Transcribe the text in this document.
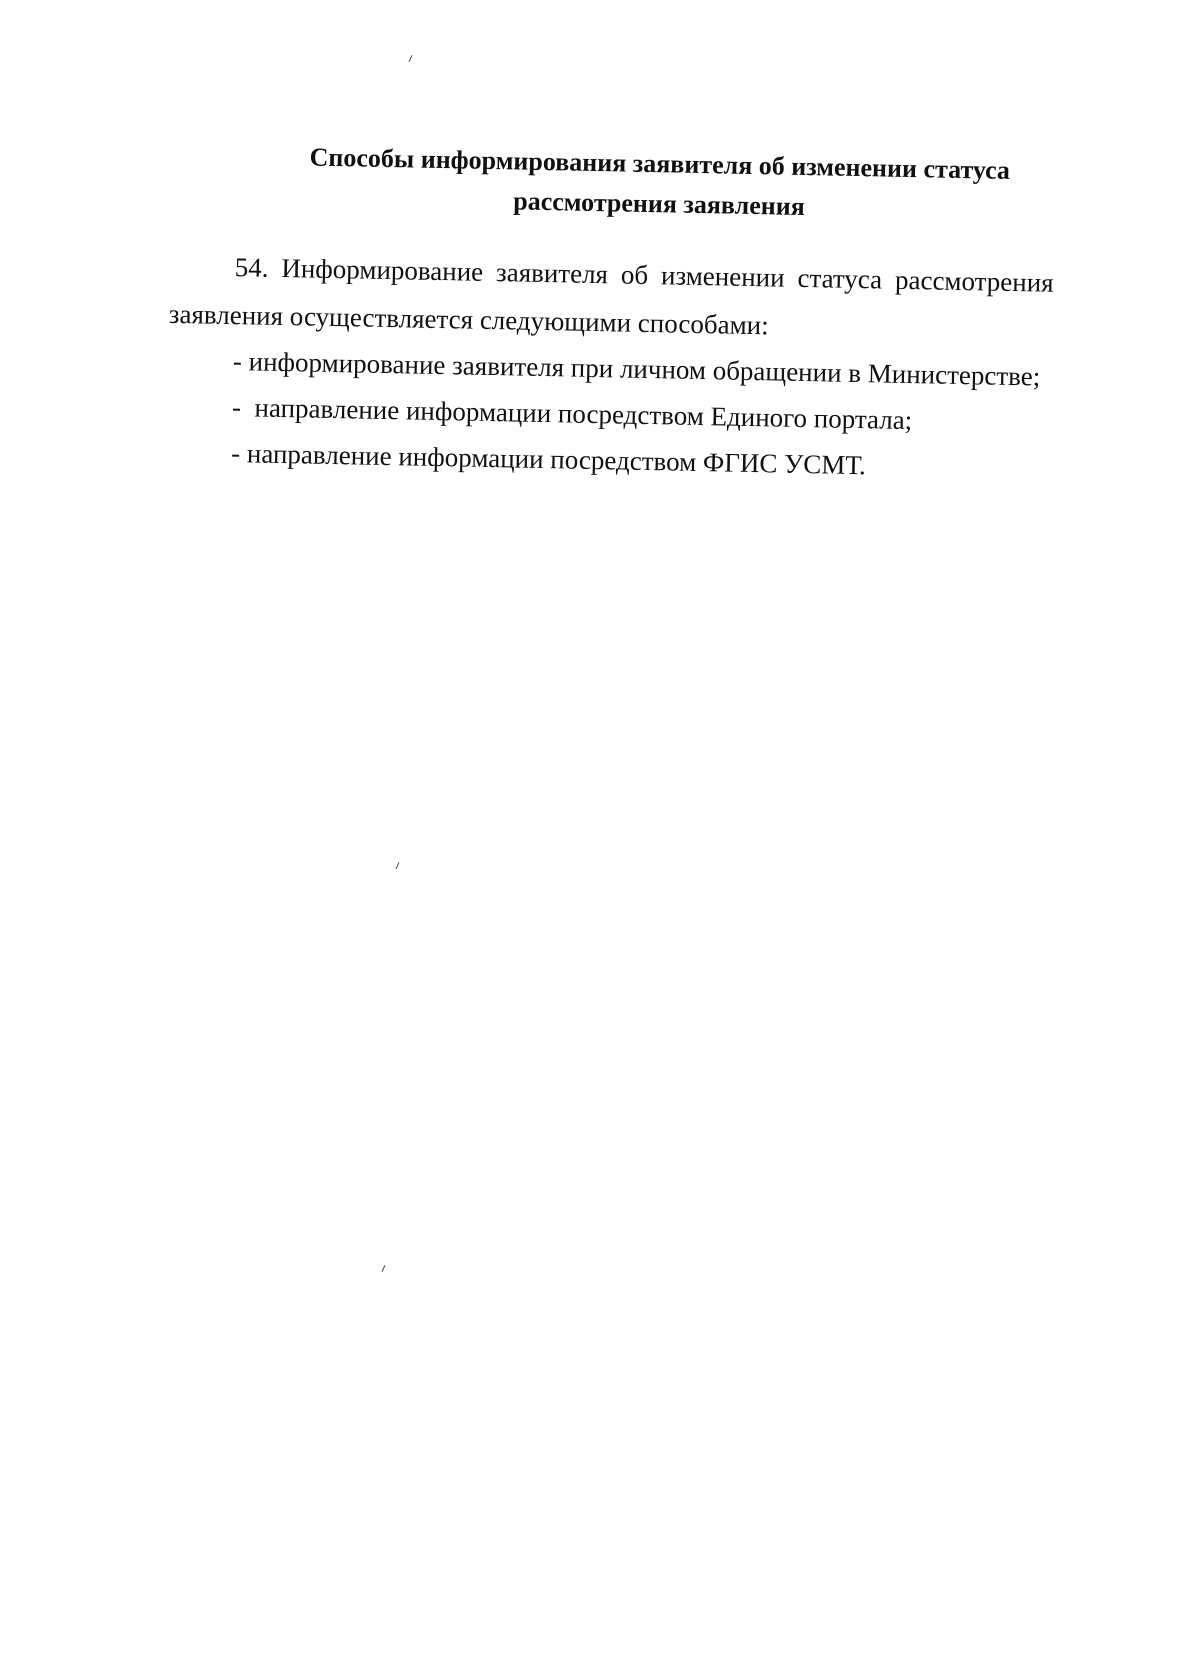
Способы информирования заявителя об изменении статуса
рассмотрения заявления
54. Информирование заявителя об изменении статуса рассмотрения
заявления осуществляется следующими способами:
- информирование заявителя при личном обращении в Министерстве;
-  направление информации посредством Единого портала;
- направление информации посредством ФГИС УСМТ.
